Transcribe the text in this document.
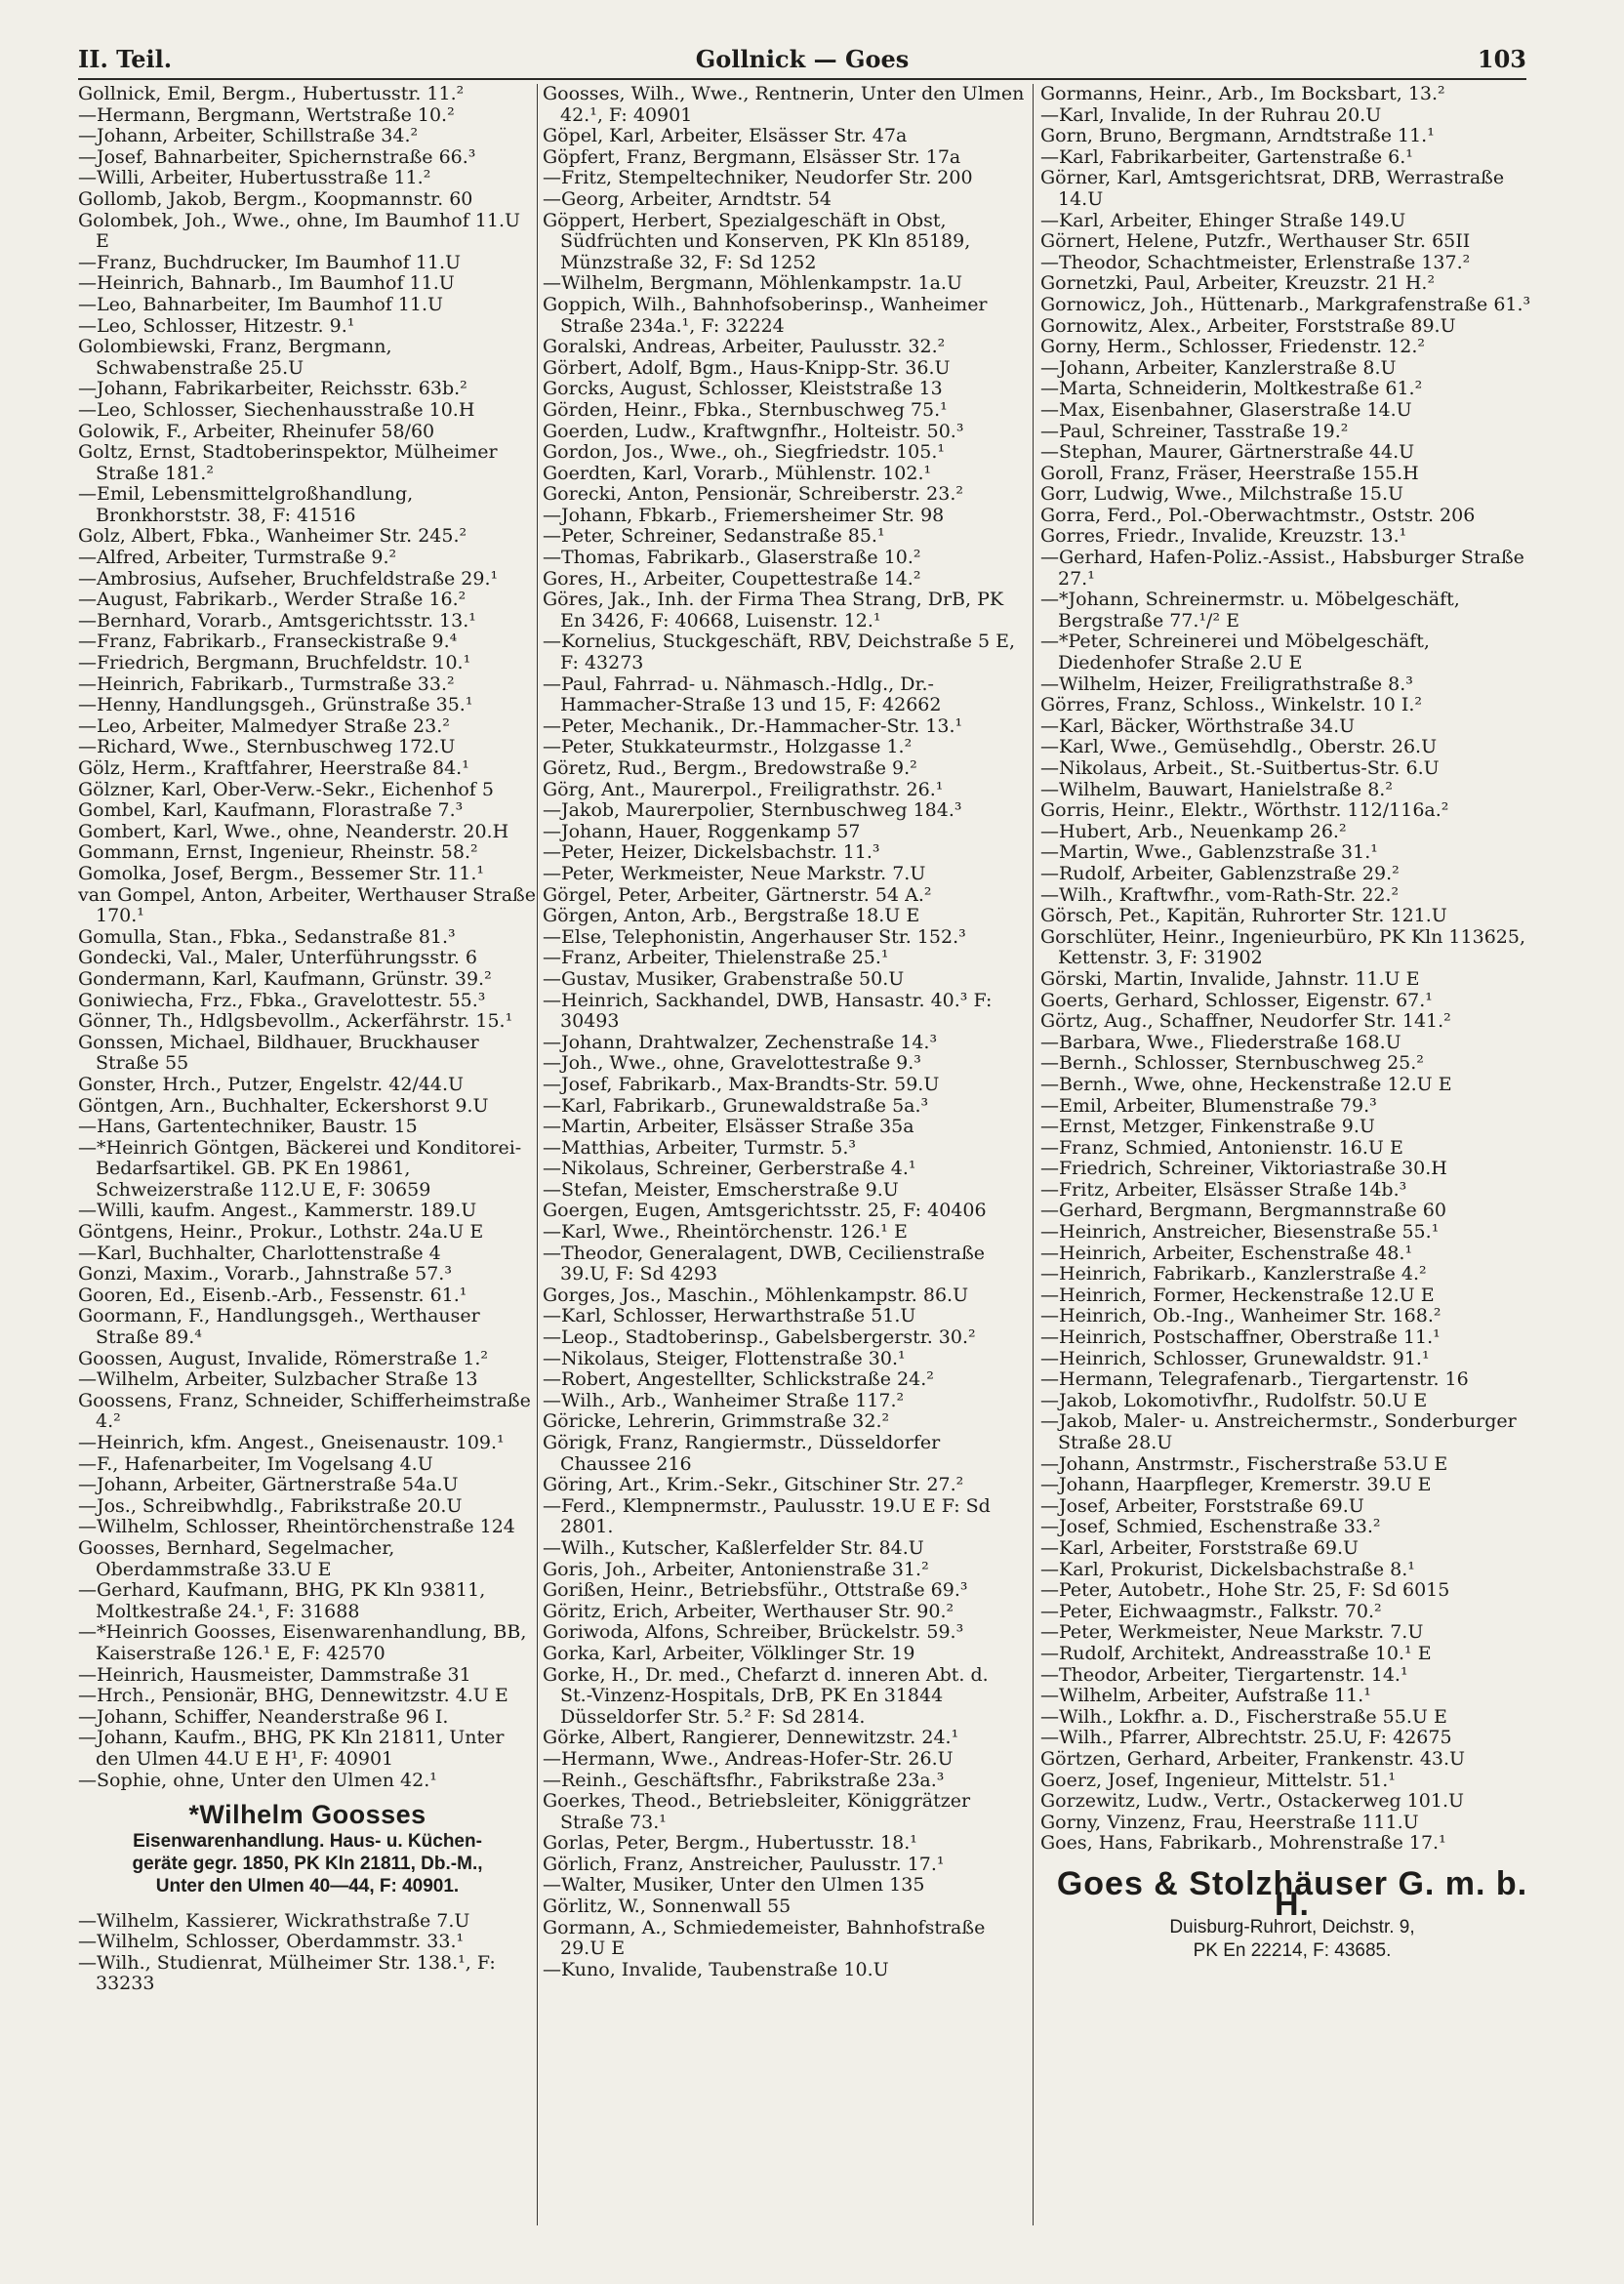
II. Teil.	Gollnick — Goes	103
Gollnick, Emil, Bergm., Hubertusstr. 11.²
—Hermann, Bergmann, Wertstraße 10.²
—Johann, Arbeiter, Schillstraße 34.²
—Josef, Bahnarbeiter, Spichernstraße 66.³
—Willi, Arbeiter, Hubertusstraße 11.²
Gollomb, Jakob, Bergm., Koopmannstr. 60
Golombek, Joh., Wwe., ohne, Im Baumhof 11.U E
—Franz, Buchdrucker, Im Baumhof 11.U
—Heinrich, Bahnarb., Im Baumhof 11.U
—Leo, Bahnarbeiter, Im Baumhof 11.U
—Leo, Schlosser, Hitzestr. 9.¹
Golombiewski, Franz, Bergmann, Schwabenstraße 25.U
—Johann, Fabrikarbeiter, Reichsstr. 63b.²
—Leo, Schlosser, Siechenhausstraße 10.H
Golowik, F., Arbeiter, Rheinufer 58/60
Goltz, Ernst, Stadtoberinspektor, Mülheimer Straße 181.²
—Emil, Lebensmittelgroßhandlung, Bronkhorststr. 38, F: 41516
Golz, Albert, Fbka., Wanheimer Str. 245.²
—Alfred, Arbeiter, Turmstraße 9.²
—Ambrosius, Aufseher, Bruchfeldstraße 29.¹
—August, Fabrikarb., Werder Straße 16.²
—Bernhard, Vorarb., Amtsgerichtsstr. 13.¹
—Franz, Fabrikarb., Franseckistraße 9.⁴
—Friedrich, Bergmann, Bruchfeldstr. 10.¹
—Heinrich, Fabrikarb., Turmstraße 33.²
—Henny, Handlungsgeh., Grünstraße 35.¹
—Leo, Arbeiter, Malmedyer Straße 23.²
—Richard, Wwe., Sternbuschweg 172.U
Gölz, Herm., Kraftfahrer, Heerstraße 84.¹
Gölzner, Karl, Ober-Verw.-Sekr., Eichenhof 5
Gombel, Karl, Kaufmann, Florastraße 7.³
Gombert, Karl, Wwe., ohne, Neanderstr. 20.H
Gommann, Ernst, Ingenieur, Rheinstr. 58.²
Gomolka, Josef, Bergm., Bessemer Str. 11.¹
van Gompel, Anton, Arbeiter, Werthauser Straße 170.¹
Gomulla, Stan., Fbka., Sedanstraße 81.³
Gondecki, Val., Maler, Unterführungsstr. 6
Gondermann, Karl, Kaufmann, Grünstr. 39.²
Goniwiecha, Frz., Fbka., Gravelottestr. 55.³
Gönner, Th., Hdlgsbevollm., Ackerfährstr. 15.¹
Gonssen, Michael, Bildhauer, Bruckhauser Straße 55
Gonster, Hrch., Putzer, Engelstr. 42/44.U
Göntgen, Arn., Buchhalter, Eckershorst 9.U
—Hans, Gartentechniker, Baustr. 15
—*Heinrich Göntgen, Bäckerei und Konditorei-Bedarfsartikel. GB. PK En 19861, Schweizerstraße 112.U E, F: 30659
—Willi, kaufm. Angest., Kammerstr. 189.U
Göntgens, Heinr., Prokur., Lothstr. 24a.U E
—Karl, Buchhalter, Charlottenstraße 4
Gonzi, Maxim., Vorarb., Jahnstraße 57.³
Gooren, Ed., Eisenb.-Arb., Fessenstr. 61.¹
Goormann, F., Handlungsgeh., Werthauser Straße 89.⁴
Goossen, August, Invalide, Römerstraße 1.²
—Wilhelm, Arbeiter, Sulzbacher Straße 13
Goossens, Franz, Schneider, Schifferheimstraße 4.²
—Heinrich, kfm. Angest., Gneisenaustr. 109.¹
—F., Hafenarbeiter, Im Vogelsang 4.U
—Johann, Arbeiter, Gärtnerstraße 54a.U
—Jos., Schreibwhdlg., Fabrikstraße 20.U
—Wilhelm, Schlosser, Rheintörchenstraße 124
Goosses, Bernhard, Segelmacher, Oberdammstraße 33.U E
—Gerhard, Kaufmann, BHG, PK Kln 93811, Moltkestraße 24.¹, F: 31688
—*Heinrich Goosses, Eisenwarenhandlung, BB, Kaiserstraße 126.¹ E, F: 42570
—Heinrich, Hausmeister, Dammstraße 31
—Hrch., Pensionär, BHG, Dennewitzstr. 4.U E
—Johann, Schiffer, Neanderstraße 96 I.
—Johann, Kaufm., BHG, PK Kln 21811, Unter den Ulmen 44.U E H¹, F: 40901
—Sophie, ohne, Unter den Ulmen 42.¹
*Wilhelm Goosses
Eisenwarenhandlung. Haus- u. Küchen-
geräte gegr. 1850, PK Kln 21811, Db.-M.,
Unter den Ulmen 40—44, F: 40901.
—Wilhelm, Kassierer, Wickrathstraße 7.U
—Wilhelm, Schlosser, Oberdammstr. 33.¹
—Wilh., Studienrat, Mülheimer Str. 138.¹, F: 33233
Goosses, Wilh., Wwe., Rentnerin, Unter den Ulmen 42.¹, F: 40901
Göpel, Karl, Arbeiter, Elsässer Str. 47a
Göpfert, Franz, Bergmann, Elsässer Str. 17a
—Fritz, Stempeltechniker, Neudorfer Str. 200
—Georg, Arbeiter, Arndtstr. 54
Göppert, Herbert, Spezialgeschäft in Obst, Südfrüchten und Konserven, PK Kln 85189, Münzstraße 32, F: Sd 1252
—Wilhelm, Bergmann, Möhlenkampstr. 1a.U
Goppich, Wilh., Bahnhofsoberinsp., Wanheimer Straße 234a.¹, F: 32224
Goralski, Andreas, Arbeiter, Paulusstr. 32.²
Görbert, Adolf, Bgm., Haus-Knipp-Str. 36.U
Gorcks, August, Schlosser, Kleiststraße 13
Görden, Heinr., Fbka., Sternbuschweg 75.¹
Goerden, Ludw., Kraftwgnfhr., Holteistr. 50.³
Gordon, Jos., Wwe., oh., Siegfriedstr. 105.¹
Goerdten, Karl, Vorarb., Mühlenstr. 102.¹
Gorecki, Anton, Pensionär, Schreiberstr. 23.²
—Johann, Fbkarb., Friemersheimer Str. 98
—Peter, Schreiner, Sedanstraße 85.¹
—Thomas, Fabrikarb., Glaserstraße 10.²
Gores, H., Arbeiter, Coupettestraße 14.²
Göres, Jak., Inh. der Firma Thea Strang, DrB, PK En 3426, F: 40668, Luisenstr. 12.¹
—Kornelius, Stuckgeschäft, RBV, Deichstraße 5 E, F: 43273
—Paul, Fahrrad- u. Nähmasch.-Hdlg., Dr.-Hammacher-Straße 13 und 15, F: 42662
—Peter, Mechanik., Dr.-Hammacher-Str. 13.¹
—Peter, Stukkateurmstr., Holzgasse 1.²
Göretz, Rud., Bergm., Bredowstraße 9.²
Görg, Ant., Maurerpol., Freiligrathstr. 26.¹
—Jakob, Maurerpolier, Sternbuschweg 184.³
—Johann, Hauer, Roggenkamp 57
—Peter, Heizer, Dickelsbachstr. 11.³
—Peter, Werkmeister, Neue Markstr. 7.U
Görgel, Peter, Arbeiter, Gärtnerstr. 54 A.²
Görgen, Anton, Arb., Bergstraße 18.U E
—Else, Telephonistin, Angerhauser Str. 152.³
—Franz, Arbeiter, Thielenstraße 25.¹
—Gustav, Musiker, Grabenstraße 50.U
—Heinrich, Sackhandel, DWB, Hansastr. 40.³ F: 30493
—Johann, Drahtwalzer, Zechenstraße 14.³
—Joh., Wwe., ohne, Gravelottestraße 9.³
—Josef, Fabrikarb., Max-Brandts-Str. 59.U
—Karl, Fabrikarb., Grunewaldstraße 5a.³
—Martin, Arbeiter, Elsässer Straße 35a
—Matthias, Arbeiter, Turmstr. 5.³
—Nikolaus, Schreiner, Gerberstraße 4.¹
—Stefan, Meister, Emscherstraße 9.U
Goergen, Eugen, Amtsgerichtsstr. 25, F: 40406
—Karl, Wwe., Rheintörchenstr. 126.¹ E
—Theodor, Generalagent, DWB, Cecilienstraße 39.U, F: Sd 4293
Gorges, Jos., Maschin., Möhlenkampstr. 86.U
—Karl, Schlosser, Herwarthstraße 51.U
—Leop., Stadtoberinsp., Gabelsbergerstr. 30.²
—Nikolaus, Steiger, Flottenstraße 30.¹
—Robert, Angestellter, Schlickstraße 24.²
—Wilh., Arb., Wanheimer Straße 117.²
Göricke, Lehrerin, Grimmstraße 32.²
Görigk, Franz, Rangiermstr., Düsseldorfer Chaussee 216
Göring, Art., Krim.-Sekr., Gitschiner Str. 27.²
—Ferd., Klempnermstr., Paulusstr. 19.U E F: Sd 2801.
—Wilh., Kutscher, Kaßlerfelder Str. 84.U
Goris, Joh., Arbeiter, Antonienstraße 31.²
Gorißen, Heinr., Betriebsführ., Ottstraße 69.³
Göritz, Erich, Arbeiter, Werthauser Str. 90.²
Goriwoda, Alfons, Schreiber, Brückelstr. 59.³
Gorka, Karl, Arbeiter, Völklinger Str. 19
Gorke, H., Dr. med., Chefarzt d. inneren Abt. d. St.-Vinzenz-Hospitals, DrB, PK En 31844 Düsseldorfer Str. 5.² F: Sd 2814.
Görke, Albert, Rangierer, Dennewitzstr. 24.¹
—Hermann, Wwe., Andreas-Hofer-Str. 26.U
—Reinh., Geschäftsfhr., Fabrikstraße 23a.³
Goerkes, Theod., Betriebsleiter, Königgrätzer Straße 73.¹
Gorlas, Peter, Bergm., Hubertusstr. 18.¹
Görlich, Franz, Anstreicher, Paulusstr. 17.¹
—Walter, Musiker, Unter den Ulmen 135
Görlitz, W., Sonnenwall 55
Gormann, A., Schmiedemeister, Bahnhofstraße 29.U E
—Kuno, Invalide, Taubenstraße 10.U
Gormanns, Heinr., Arb., Im Bocksbart, 13.²
—Karl, Invalide, In der Ruhrau 20.U
Gorn, Bruno, Bergmann, Arndtstraße 11.¹
—Karl, Fabrikarbeiter, Gartenstraße 6.¹
Görner, Karl, Amtsgerichtsrat, DRB, Werrastraße 14.U
—Karl, Arbeiter, Ehinger Straße 149.U
Görnert, Helene, Putzfr., Werthauser Str. 65II
—Theodor, Schachtmeister, Erlenstraße 137.²
Gornetzki, Paul, Arbeiter, Kreuzstr. 21 H.²
Gornowicz, Joh., Hüttenarb., Markgrafenstraße 61.³
Gornowitz, Alex., Arbeiter, Forststraße 89.U
Gorny, Herm., Schlosser, Friedenstr. 12.²
—Johann, Arbeiter, Kanzlerstraße 8.U
—Marta, Schneiderin, Moltkestraße 61.²
—Max, Eisenbahner, Glaserstraße 14.U
—Paul, Schreiner, Tasstraße 19.²
—Stephan, Maurer, Gärtnerstraße 44.U
Goroll, Franz, Fräser, Heerstraße 155.H
Gorr, Ludwig, Wwe., Milchstraße 15.U
Gorra, Ferd., Pol.-Oberwachtmstr., Oststr. 206
Gorres, Friedr., Invalide, Kreuzstr. 13.¹
—Gerhard, Hafen-Poliz.-Assist., Habsburger Straße 27.¹
—*Johann, Schreinermstr. u. Möbelgeschäft, Bergstraße 77.¹/² E
—*Peter, Schreinerei und Möbelgeschäft, Diedenhofer Straße 2.U E
—Wilhelm, Heizer, Freiligrathstraße 8.³
Görres, Franz, Schloss., Winkelstr. 10 I.²
—Karl, Bäcker, Wörthstraße 34.U
—Karl, Wwe., Gemüsehdlg., Oberstr. 26.U
—Nikolaus, Arbeit., St.-Suitbertus-Str. 6.U
—Wilhelm, Bauwart, Hanielstraße 8.²
Gorris, Heinr., Elektr., Wörthstr. 112/116a.²
—Hubert, Arb., Neuenkamp 26.²
—Martin, Wwe., Gablenzstraße 31.¹
—Rudolf, Arbeiter, Gablenzstraße 29.²
—Wilh., Kraftwfhr., vom-Rath-Str. 22.²
Görsch, Pet., Kapitän, Ruhrorter Str. 121.U
Gorschlüter, Heinr., Ingenieurbüro, PK Kln 113625, Kettenstr. 3, F: 31902
Görski, Martin, Invalide, Jahnstr. 11.U E
Goerts, Gerhard, Schlosser, Eigenstr. 67.¹
Görtz, Aug., Schaffner, Neudorfer Str. 141.²
—Barbara, Wwe., Fliederstraße 168.U
—Bernh., Schlosser, Sternbuschweg 25.²
—Bernh., Wwe, ohne, Heckenstraße 12.U E
—Emil, Arbeiter, Blumenstraße 79.³
—Ernst, Metzger, Finkenstraße 9.U
—Franz, Schmied, Antonienstr. 16.U E
—Friedrich, Schreiner, Viktoriastraße 30.H
—Fritz, Arbeiter, Elsässer Straße 14b.³
—Gerhard, Bergmann, Bergmannstraße 60
—Heinrich, Anstreicher, Biesenstraße 55.¹
—Heinrich, Arbeiter, Eschenstraße 48.¹
—Heinrich, Fabrikarb., Kanzlerstraße 4.²
—Heinrich, Former, Heckenstraße 12.U E
—Heinrich, Ob.-Ing., Wanheimer Str. 168.²
—Heinrich, Postschaffner, Oberstraße 11.¹
—Heinrich, Schlosser, Grunewaldstr. 91.¹
—Hermann, Telegrafenarb., Tiergartenstr. 16
—Jakob, Lokomotivfhr., Rudolfstr. 50.U E
—Jakob, Maler- u. Anstreichermstr., Sonderburger Straße 28.U
—Johann, Anstrmstr., Fischerstraße 53.U E
—Johann, Haarpfleger, Kremerstr. 39.U E
—Josef, Arbeiter, Forststraße 69.U
—Josef, Schmied, Eschenstraße 33.²
—Karl, Arbeiter, Forststraße 69.U
—Karl, Prokurist, Dickelsbachstraße 8.¹
—Peter, Autobetr., Hohe Str. 25, F: Sd 6015
—Peter, Eichwaagmstr., Falkstr. 70.²
—Peter, Werkmeister, Neue Markstr. 7.U
—Rudolf, Architekt, Andreasstraße 10.¹ E
—Theodor, Arbeiter, Tiergartenstr. 14.¹
—Wilhelm, Arbeiter, Aufstraße 11.¹
—Wilh., Lokfhr. a. D., Fischerstraße 55.U E
—Wilh., Pfarrer, Albrechtstr. 25.U, F: 42675
Görtzen, Gerhard, Arbeiter, Frankenstr. 43.U
Goerz, Josef, Ingenieur, Mittelstr. 51.¹
Gorzewitz, Ludw., Vertr., Ostackerweg 101.U
Gorny, Vinzenz, Frau, Heerstraße 111.U
Goes, Hans, Fabrikarb., Mohrenstraße 17.¹
Goes & Stolzhäuser G. m. b. H.
Duisburg-Ruhrort, Deichstr. 9,
PK En 22214, F: 43685.
